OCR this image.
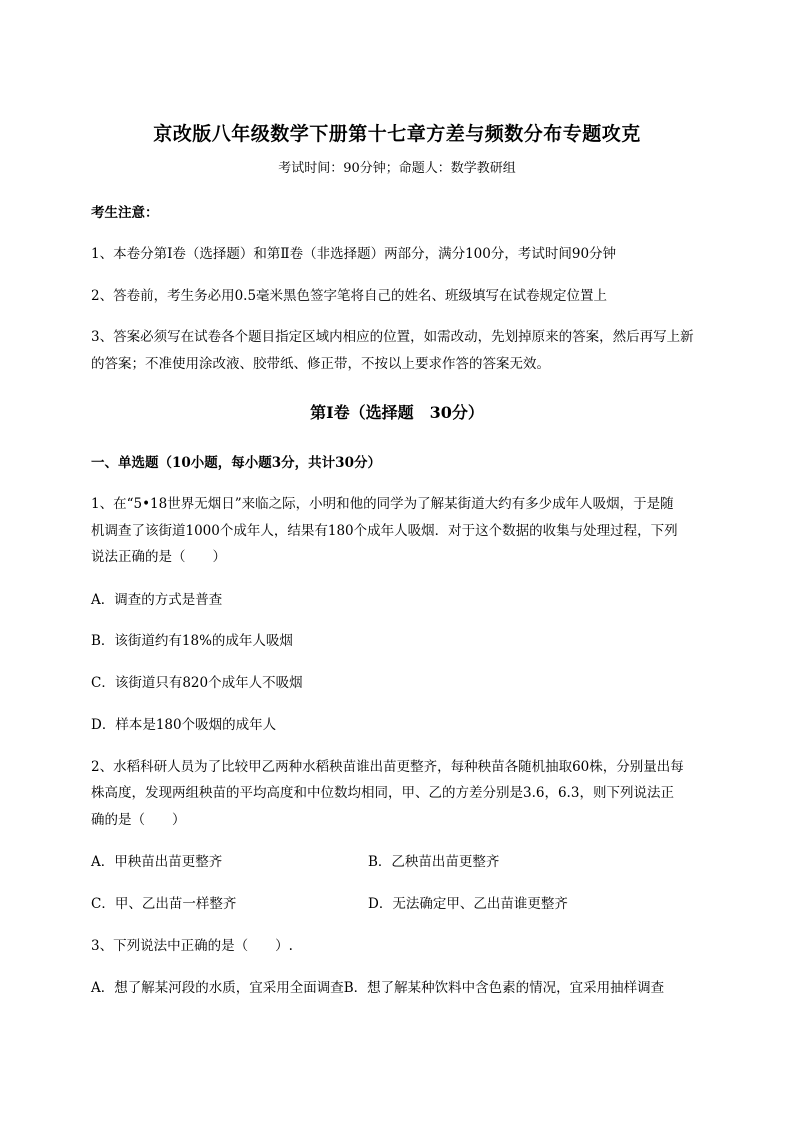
京改版八年级数学下册第十七章方差与频数分布专题攻克
考试时间：90分钟；命题人：数学教研组
考生注意：
1、本卷分第I卷（选择题）和第Ⅱ卷（非选择题）两部分，满分100分，考试时间90分钟
2、答卷前，考生务必用0.5毫米黑色签字笔将自己的姓名、班级填写在试卷规定位置上
3、答案必须写在试卷各个题目指定区域内相应的位置，如需改动，先划掉原来的答案，然后再写上新
的答案；不准使用涂改液、胶带纸、修正带，不按以上要求作答的答案无效。
第I卷（选择题　30分）
一、单选题（10小题，每小题3分，共计30分）
1、在“5•18世界无烟日”来临之际，小明和他的同学为了解某街道大约有多少成年人吸烟，于是随
机调查了该街道1000个成年人，结果有180个成年人吸烟．对于这个数据的收集与处理过程，下列
说法正确的是（　　）
A．调查的方式是普查
B．该街道约有18%的成年人吸烟
C．该街道只有820个成年人不吸烟
D．样本是180个吸烟的成年人
2、水稻科研人员为了比较甲乙两种水稻秧苗谁出苗更整齐，每种秧苗各随机抽取60株，分别量出每
株高度，发现两组秧苗的平均高度和中位数均相同，甲、乙的方差分别是3.6，6.3，则下列说法正
确的是（　　）
A．甲秧苗出苗更整齐	B．乙秧苗出苗更整齐
C．甲、乙出苗一样整齐	D．无法确定甲、乙出苗谁更整齐
3、下列说法中正确的是（　　）.
A．想了解某河段的水质，宜采用全面调查B．想了解某种饮料中含色素的情况，宜采用抽样调查
